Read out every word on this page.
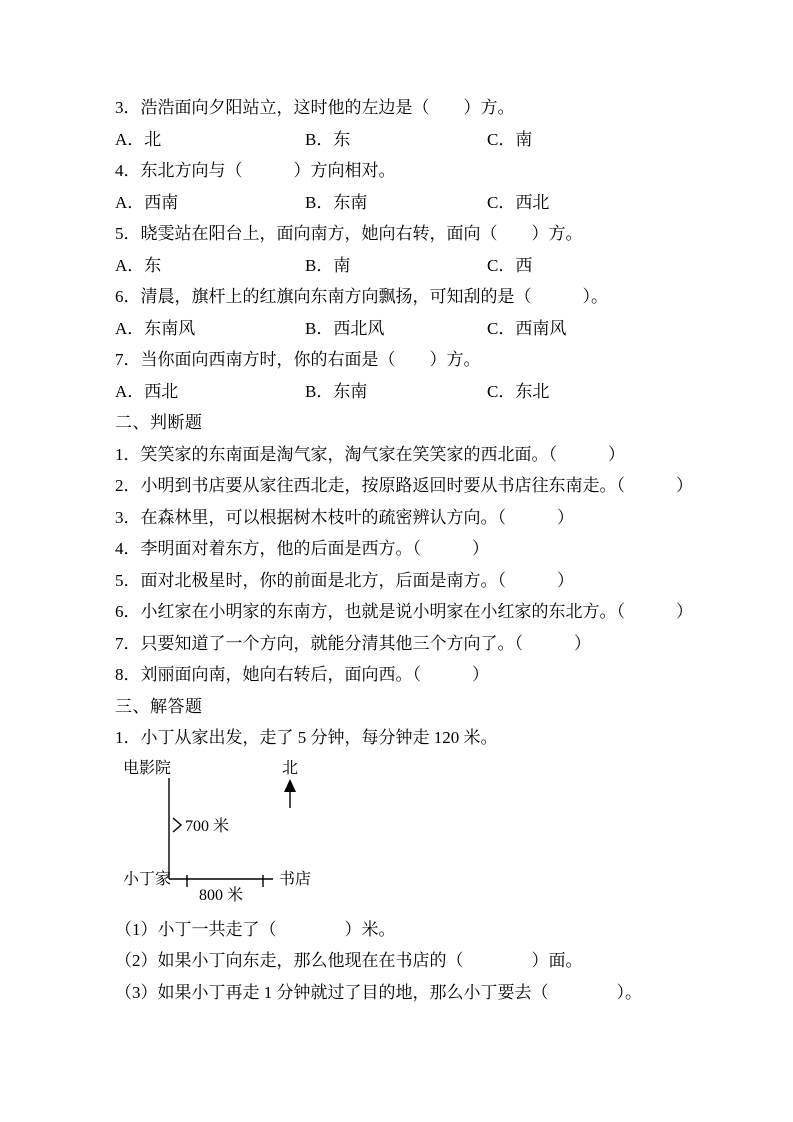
3．浩浩面向夕阳站立，这时他的左边是（　　）方。
A．北	B．东	C．南
4．东北方向与（　　　）方向相对。
A．西南	B．东南	C．西北
5．晓雯站在阳台上，面向南方，她向右转，面向（　　）方。
A．东	B．南	C．西
6．清晨，旗杆上的红旗向东南方向飘扬，可知刮的是（　　　）。
A．东南风	B．西北风	C．西南风
7．当你面向西南方时，你的右面是（　　）方。
A．西北	B．东南	C．东北
二、判断题
1．笑笑家的东南面是淘气家，淘气家在笑笑家的西北面。（　　　）
2．小明到书店要从家往西北走，按原路返回时要从书店往东南走。（　　　）
3．在森林里，可以根据树木枝叶的疏密辨认方向。（　　　）
4．李明面对着东方，他的后面是西方。（　　　）
5．面对北极星时，你的前面是北方，后面是南方。（　　　）
6．小红家在小明家的东南方，也就是说小明家在小红家的东北方。（　　　）
7．只要知道了一个方向，就能分清其他三个方向了。（　　　）
8．刘丽面向南，她向右转后，面向西。（　　　）
三、解答题
1．小丁从家出发，走了 5 分钟，每分钟走 120 米。
电影院	北
700 米
800 米
小丁家	书店
（1）小丁一共走了（　　　　）米。
（2）如果小丁向东走，那么他现在在书店的（　　　　）面。
（3）如果小丁再走 1 分钟就过了目的地，那么小丁要去（　　　　）。
